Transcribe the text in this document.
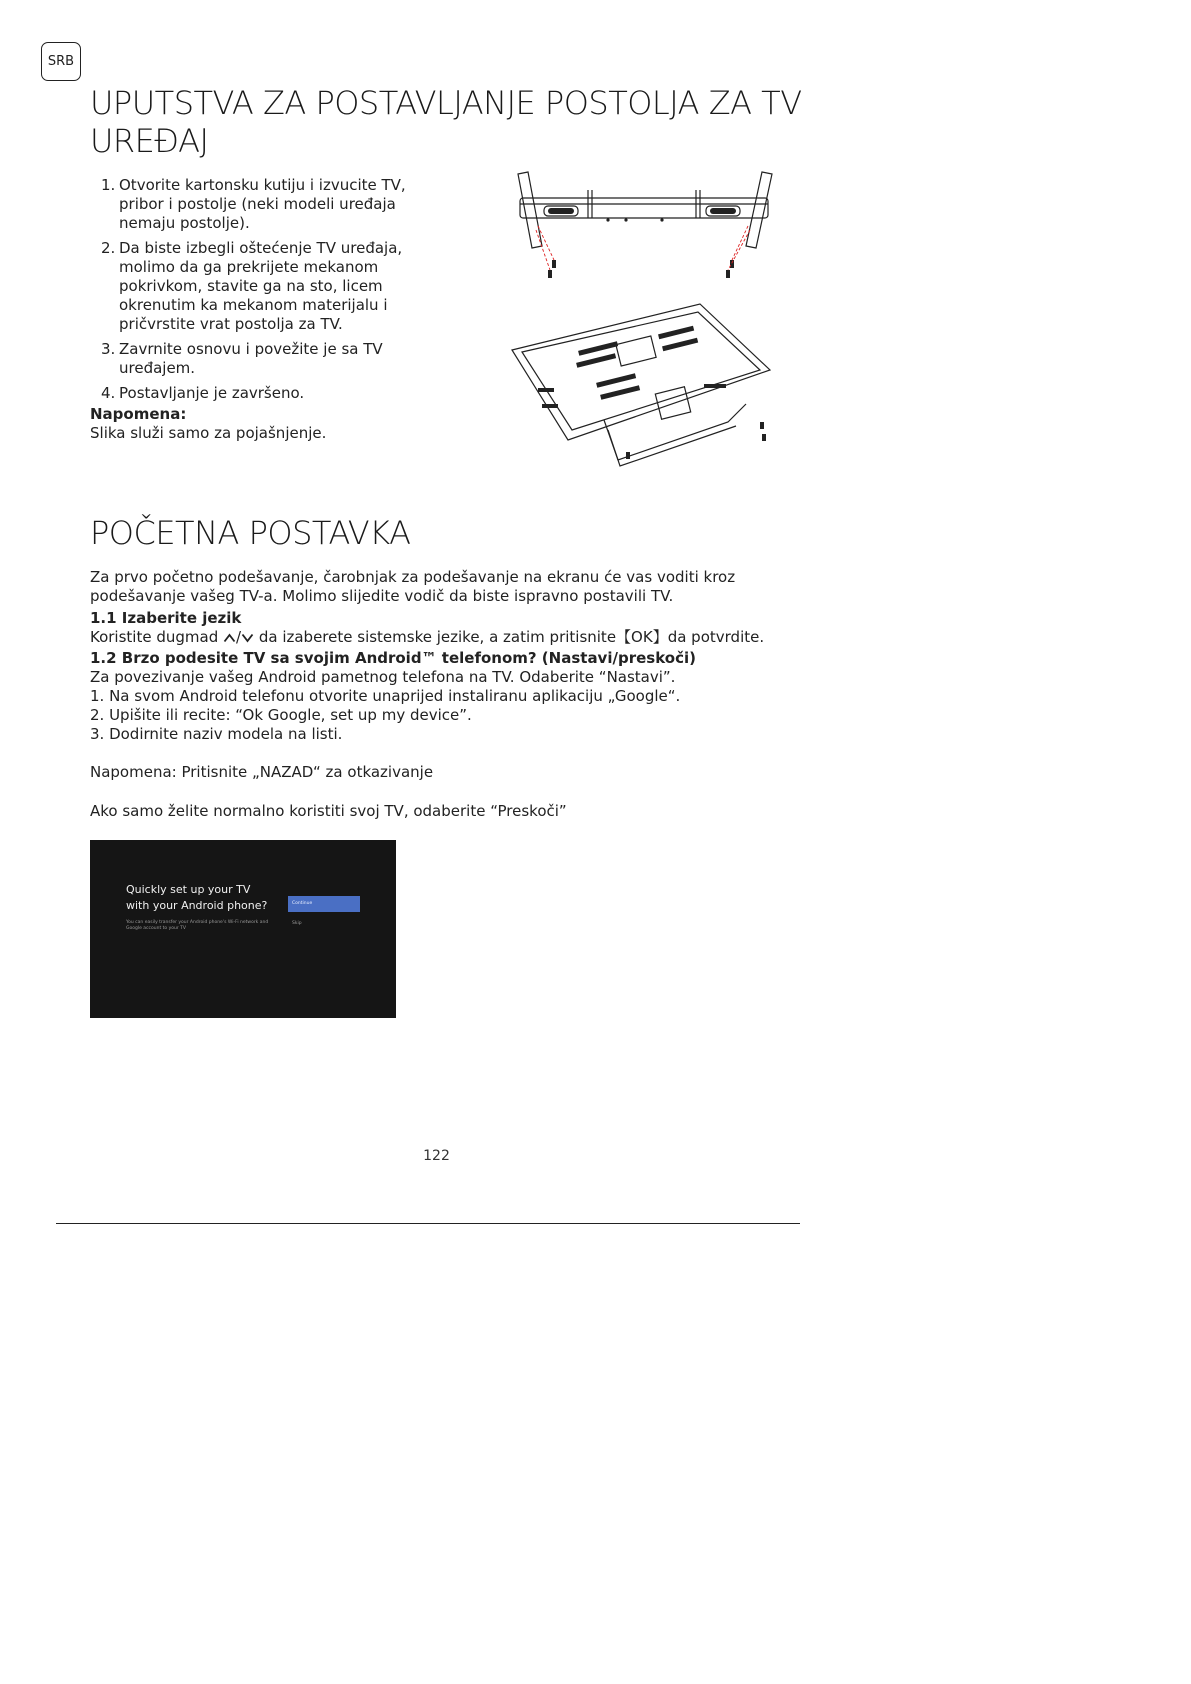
SRB
UPUTSTVA ZA POSTAVLJANJE POSTOLJA ZA TV UREĐAJ
1. Otvorite kartonsku kutiju i izvucite TV, pribor i postolje (neki modeli uređaja nemaju postolje).
2. Da biste izbegli oštećenje TV uređaja, molimo da ga prekrijete mekanom pokrivkom, stavite ga na sto, licem okrenutim ka mekanom materijalu i pričvrstite vrat postolja za TV.
3. Zavrnite osnovu i povežite je sa TV uređajem.
4. Postavljanje je završeno.
Napomena:
Slika služi samo za pojašnjenje.
POČETNA POSTAVKA
Za prvo početno podešavanje, čarobnjak za podešavanje na ekranu će vas voditi kroz podešavanje vašeg TV-a. Molimo slijedite vodič da biste ispravno postavili TV.
1.1 Izaberite jezik
Koristite dugmad / da izaberete sistemske jezike, a zatim pritisnite【OK】da potvrdite.
1.2 Brzo podesite TV sa svojim Android™ telefonom? (Nastavi/preskoči)
Za povezivanje vašeg Android pametnog telefona na TV. Odaberite “Nastavi”.
1. Na svom Android telefonu otvorite unaprijed instaliranu aplikaciju „Google“.
2. Upišite ili recite: “Ok Google, set up my device”.
3. Dodirnite naziv modela na listi.
Napomena: Pritisnite „NAZAD“ za otkazivanje
Ako samo želite normalno koristiti svoj TV, odaberite “Preskoči”
Quickly set up your TV with your Android phone?
You can easily transfer your Android phone's Wi-Fi network and Google account to your TV
Continue
Skip
122
